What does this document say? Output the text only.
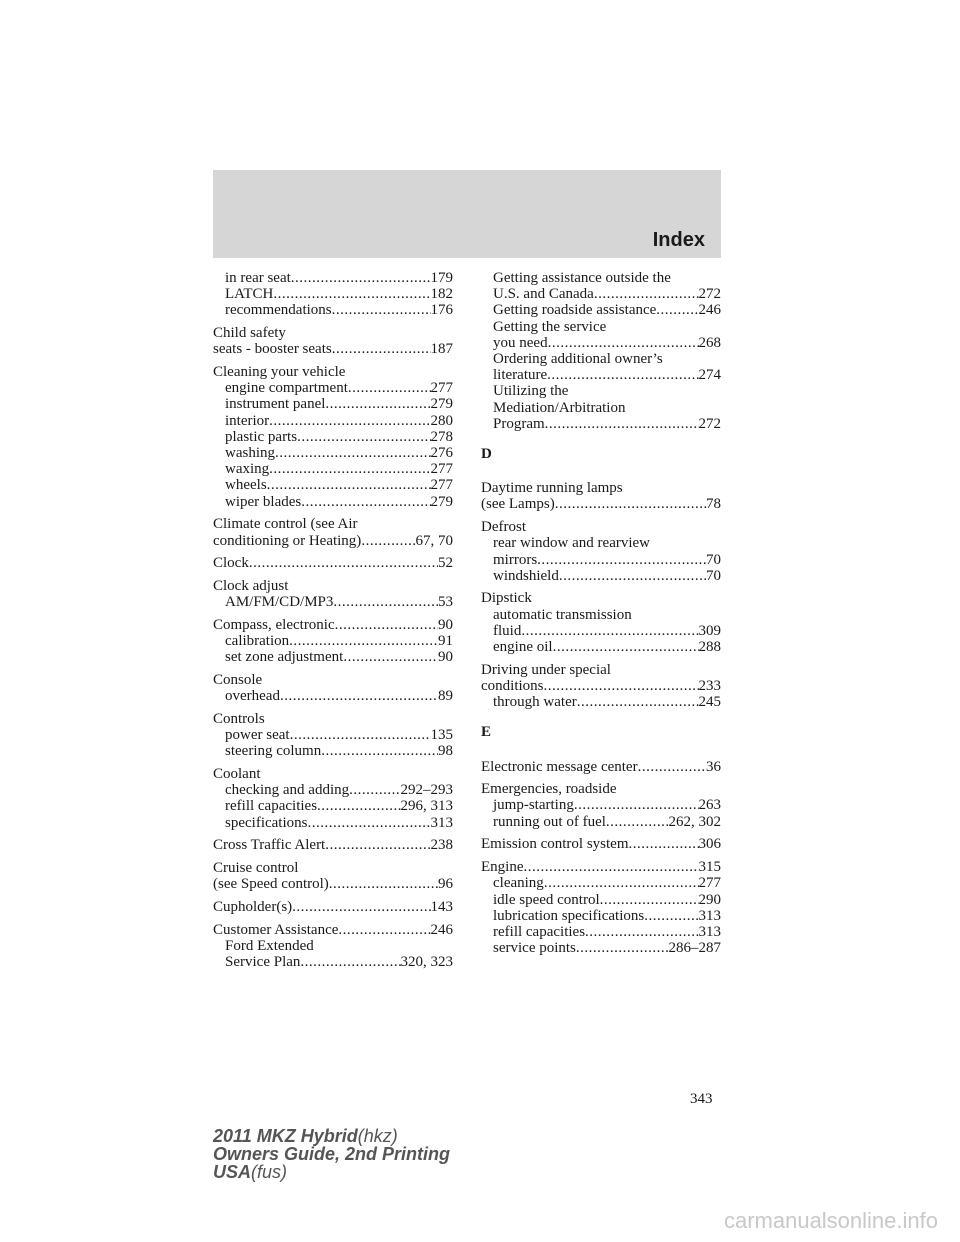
Index
in rear seat .....	179
LATCH .....	182
recommendations .....	176
Child safety
seats - booster seats .....	187
Cleaning your vehicle
engine compartment .....	277
instrument panel .....	279
interior .....	280
plastic parts .....	278
washing .....	276
waxing .....	277
wheels .....	277
wiper blades .....	279
Climate control (see Air
conditioning or Heating) .....	67, 70
Clock .....	52
Clock adjust
AM/FM/CD/MP3 .....	53
Compass, electronic .....	90
calibration .....	91
set zone adjustment .....	90
Console
overhead .....	89
Controls
power seat .....	135
steering column .....	98
Coolant
checking and adding .....	292–293
refill capacities .....	296, 313
specifications .....	313
Cross Traffic Alert .....	238
Cruise control
(see Speed control) .....	96
Cupholder(s) .....	143
Customer Assistance .....	246
Ford Extended
Service Plan .....	320, 323
Getting assistance outside the
U.S. and Canada .....	272
Getting roadside assistance .....	246
Getting the service
you need .....	268
Ordering additional owner’s
literature .....	274
Utilizing the
Mediation/Arbitration
Program .....	272
D
Daytime running lamps
(see Lamps) .....	78
Defrost
rear window and rearview
mirrors .....	70
windshield .....	70
Dipstick
automatic transmission
fluid .....	309
engine oil .....	288
Driving under special
conditions .....	233
through water .....	245
E
Electronic message center .....	36
Emergencies, roadside
jump-starting .....	263
running out of fuel .....	262, 302
Emission control system .....	306
Engine .....	315
cleaning .....	277
idle speed control .....	290
lubrication specifications .....	313
refill capacities .....	313
service points .....	286–287
343
2011 MKZ Hybrid(hkz)
Owners Guide, 2nd Printing
USA(fus)
carmanualsonline.info
